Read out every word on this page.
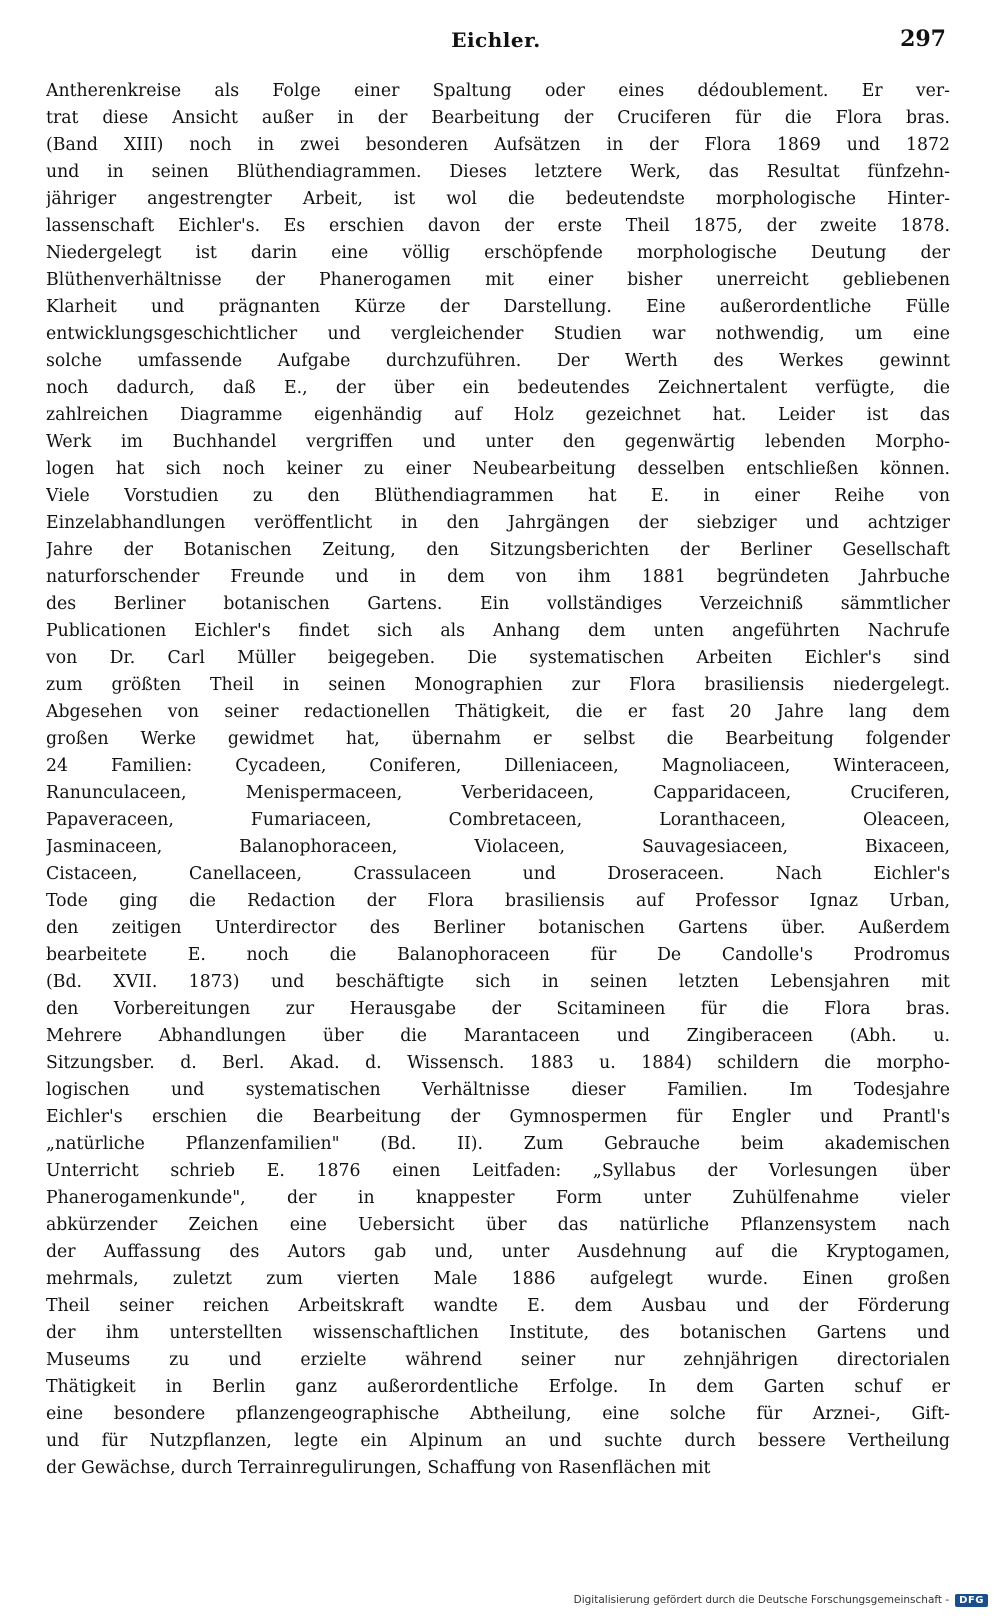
Eichler.	297
Antherenkreise als Folge einer Spaltung oder eines dédoublement. Er ver-
trat diese Ansicht außer in der Bearbeitung der Cruciferen für die Flora bras.
(Band XIII) noch in zwei besonderen Aufsätzen in der Flora 1869 und 1872
und in seinen Blüthendiagrammen. Dieses letztere Werk, das Resultat fünfzehn-
jähriger angestrengter Arbeit, ist wol die bedeutendste morphologische Hinter-
lassenschaft Eichler's. Es erschien davon der erste Theil 1875, der zweite 1878.
Niedergelegt ist darin eine völlig erschöpfende morphologische Deutung der
Blüthenverhältnisse der Phanerogamen mit einer bisher unerreicht gebliebenen
Klarheit und prägnanten Kürze der Darstellung. Eine außerordentliche Fülle
entwicklungsgeschichtlicher und vergleichender Studien war nothwendig, um eine
solche umfassende Aufgabe durchzuführen. Der Werth des Werkes gewinnt
noch dadurch, daß E., der über ein bedeutendes Zeichnertalent verfügte, die
zahlreichen Diagramme eigenhändig auf Holz gezeichnet hat. Leider ist das
Werk im Buchhandel vergriffen und unter den gegenwärtig lebenden Morpho-
logen hat sich noch keiner zu einer Neubearbeitung desselben entschließen können.
Viele Vorstudien zu den Blüthendiagrammen hat E. in einer Reihe von
Einzelabhandlungen veröffentlicht in den Jahrgängen der siebziger und achtziger
Jahre der Botanischen Zeitung, den Sitzungsberichten der Berliner Gesellschaft
naturforschender Freunde und in dem von ihm 1881 begründeten Jahrbuche
des Berliner botanischen Gartens. Ein vollständiges Verzeichniß sämmtlicher
Publicationen Eichler's findet sich als Anhang dem unten angeführten Nachrufe
von Dr. Carl Müller beigegeben. Die systematischen Arbeiten Eichler's sind
zum größten Theil in seinen Monographien zur Flora brasiliensis niedergelegt.
Abgesehen von seiner redactionellen Thätigkeit, die er fast 20 Jahre lang dem
großen Werke gewidmet hat, übernahm er selbst die Bearbeitung folgender
24 Familien: Cycadeen, Coniferen, Dilleniaceen, Magnoliaceen, Winteraceen,
Ranunculaceen, Menispermaceen, Verberidaceen, Capparidaceen, Cruciferen,
Papaveraceen, Fumariaceen, Combretaceen, Loranthaceen, Oleaceen,
Jasminaceen, Balanophoraceen, Violaceen, Sauvagesiaceen, Bixaceen,
Cistaceen, Canellaceen, Crassulaceen und Droseraceen. Nach Eichler's
Tode ging die Redaction der Flora brasiliensis auf Professor Ignaz Urban,
den zeitigen Unterdirector des Berliner botanischen Gartens über. Außerdem
bearbeitete E. noch die Balanophoraceen für De Candolle's Prodromus
(Bd. XVII. 1873) und beschäftigte sich in seinen letzten Lebensjahren mit
den Vorbereitungen zur Herausgabe der Scitamineen für die Flora bras.
Mehrere Abhandlungen über die Marantaceen und Zingiberaceen (Abh. u.
Sitzungsber. d. Berl. Akad. d. Wissensch. 1883 u. 1884) schildern die morpho-
logischen und systematischen Verhältnisse dieser Familien. Im Todesjahre
Eichler's erschien die Bearbeitung der Gymnospermen für Engler und Prantl's
„natürliche Pflanzenfamilien" (Bd. II). Zum Gebrauche beim akademischen
Unterricht schrieb E. 1876 einen Leitfaden: „Syllabus der Vorlesungen über
Phanerogamenkunde", der in knappester Form unter Zuhülfenahme vieler
abkürzender Zeichen eine Uebersicht über das natürliche Pflanzensystem nach
der Auffassung des Autors gab und, unter Ausdehnung auf die Kryptogamen,
mehrmals, zuletzt zum vierten Male 1886 aufgelegt wurde. Einen großen
Theil seiner reichen Arbeitskraft wandte E. dem Ausbau und der Förderung
der ihm unterstellten wissenschaftlichen Institute, des botanischen Gartens und
Museums zu und erzielte während seiner nur zehnjährigen directorialen
Thätigkeit in Berlin ganz außerordentliche Erfolge. In dem Garten schuf er
eine besondere pflanzengeographische Abtheilung, eine solche für Arznei-, Gift-
und für Nutzpflanzen, legte ein Alpinum an und suchte durch bessere Vertheilung
der Gewächse, durch Terrainregulirungen, Schaffung von Rasenflächen mit
Digitalisierung gefördert durch die Deutsche Forschungsgemeinschaft -	DFG
